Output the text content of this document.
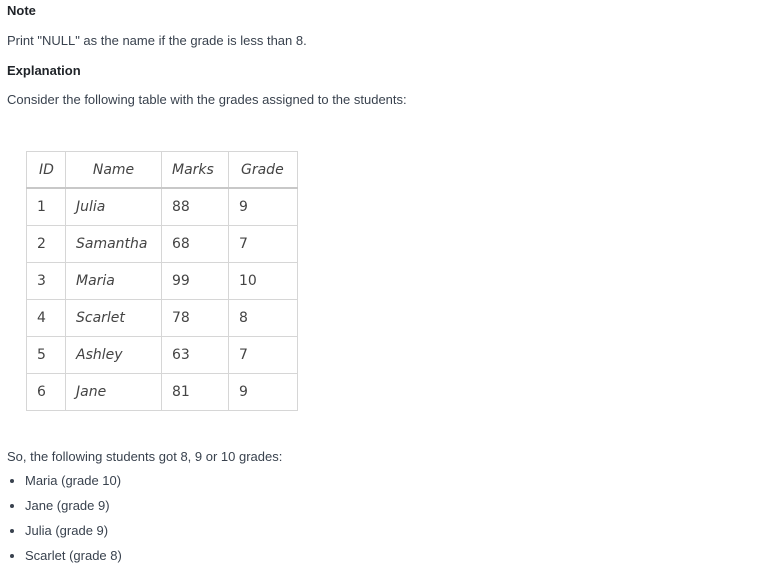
Note

Print "NULL" as the name if the grade is less than 8.

Explanation

Consider the following table with the grades assigned to the students:

ID	Name	Marks	Grade
1	Julia	88	9
2	Samantha	68	7
3	Maria	99	10
4	Scarlet	78	8
5	Ashley	63	7
6	Jane	81	9

So, the following students got 8, 9 or 10 grades:

Maria (grade 10)
Jane (grade 9)
Julia (grade 9)
Scarlet (grade 8)
